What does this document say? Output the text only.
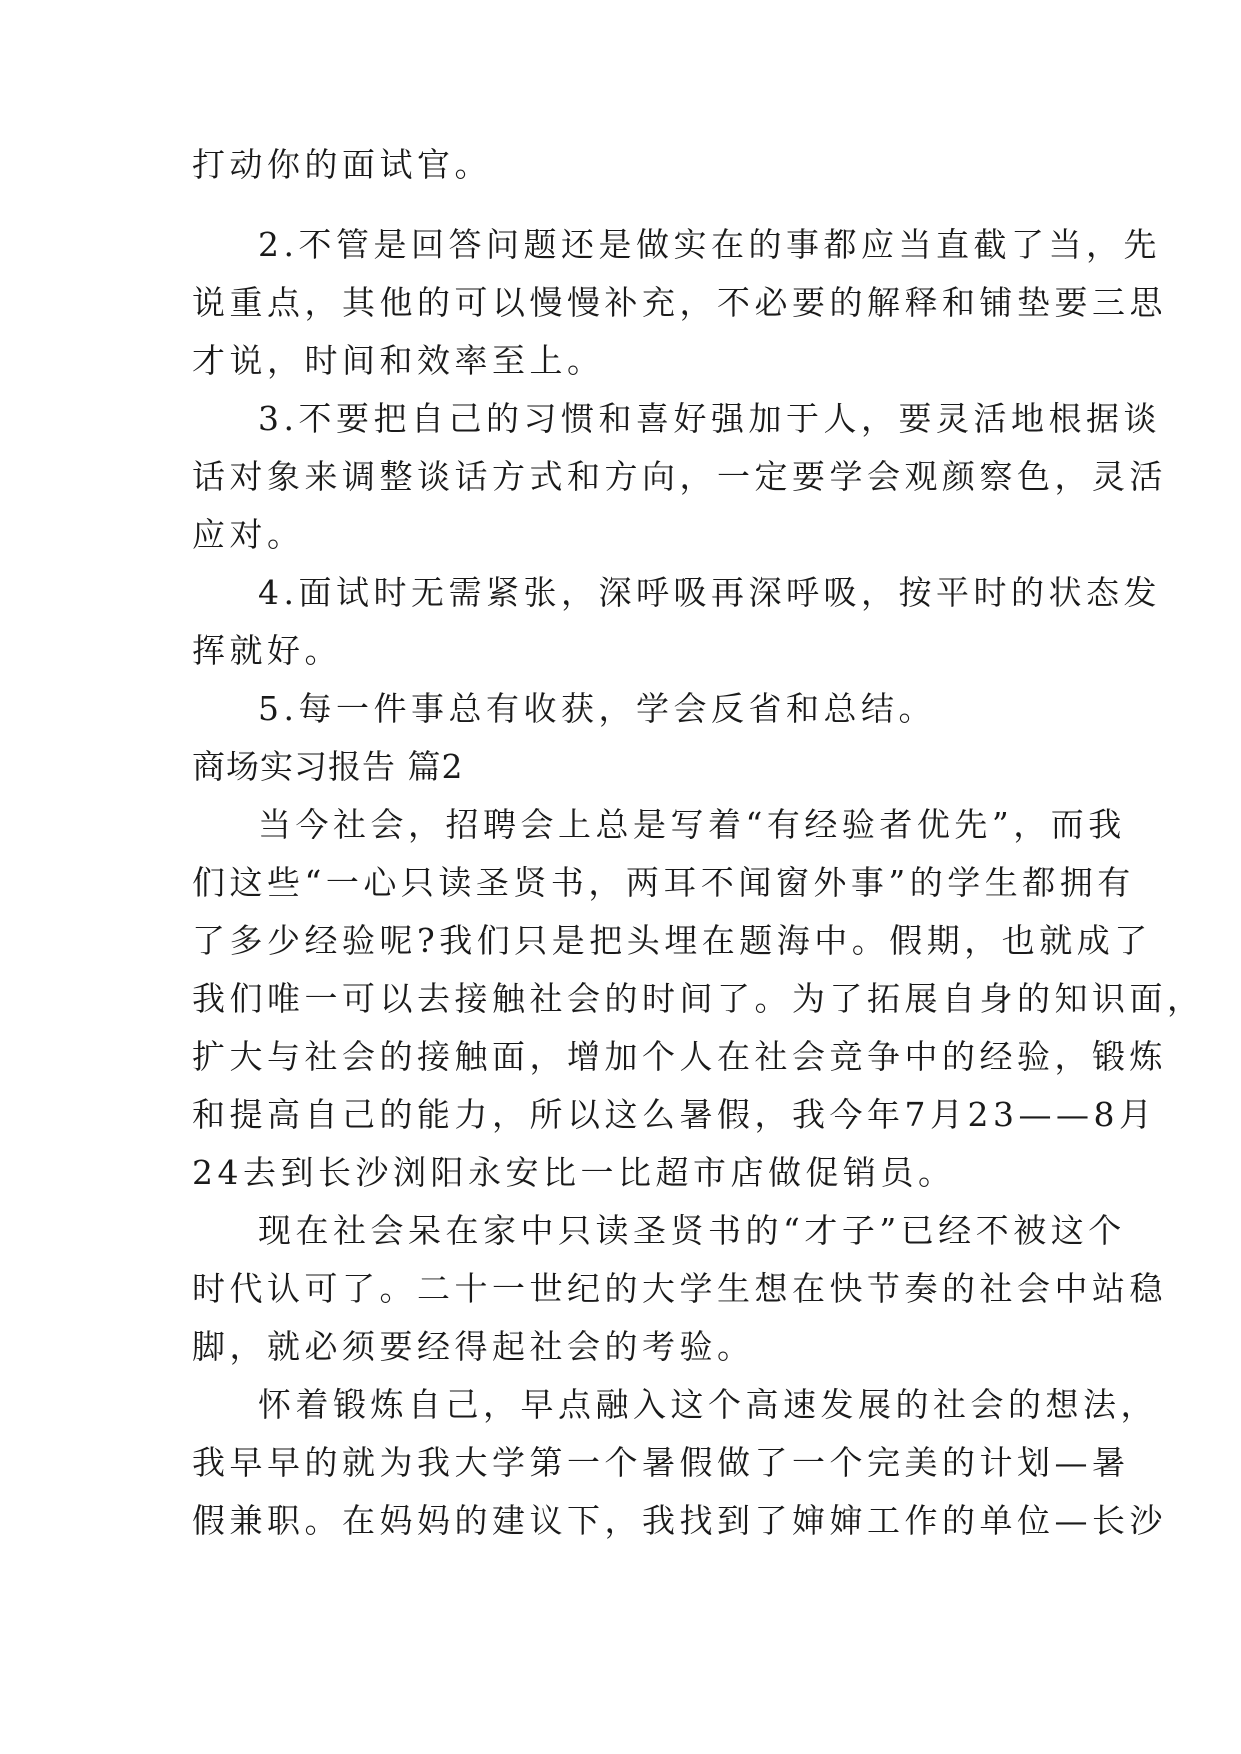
打动你的面试官。
2.不管是回答问题还是做实在的事都应当直截了当，先
说重点，其他的可以慢慢补充，不必要的解释和铺垫要三思
才说，时间和效率至上。
3.不要把自己的习惯和喜好强加于人，要灵活地根据谈
话对象来调整谈话方式和方向，一定要学会观颜察色，灵活
应对。
4.面试时无需紧张，深呼吸再深呼吸，按平时的状态发
挥就好。
5.每一件事总有收获，学会反省和总结。
商场实习报告 篇2
当今社会，招聘会上总是写着“有经验者优先”，而我
们这些“一心只读圣贤书，两耳不闻窗外事”的学生都拥有
了多少经验呢?我们只是把头埋在题海中。假期，也就成了
我们唯一可以去接触社会的时间了。为了拓展自身的知识面，
扩大与社会的接触面，增加个人在社会竞争中的经验，锻炼
和提高自己的能力，所以这么暑假，我今年7月23——8月
24去到长沙浏阳永安比一比超市店做促销员。
现在社会呆在家中只读圣贤书的“才子”已经不被这个
时代认可了。二十一世纪的大学生想在快节奏的社会中站稳
脚，就必须要经得起社会的考验。
怀着锻炼自己，早点融入这个高速发展的社会的想法，
我早早的就为我大学第一个暑假做了一个完美的计划—暑
假兼职。在妈妈的建议下，我找到了婶婶工作的单位—长沙
